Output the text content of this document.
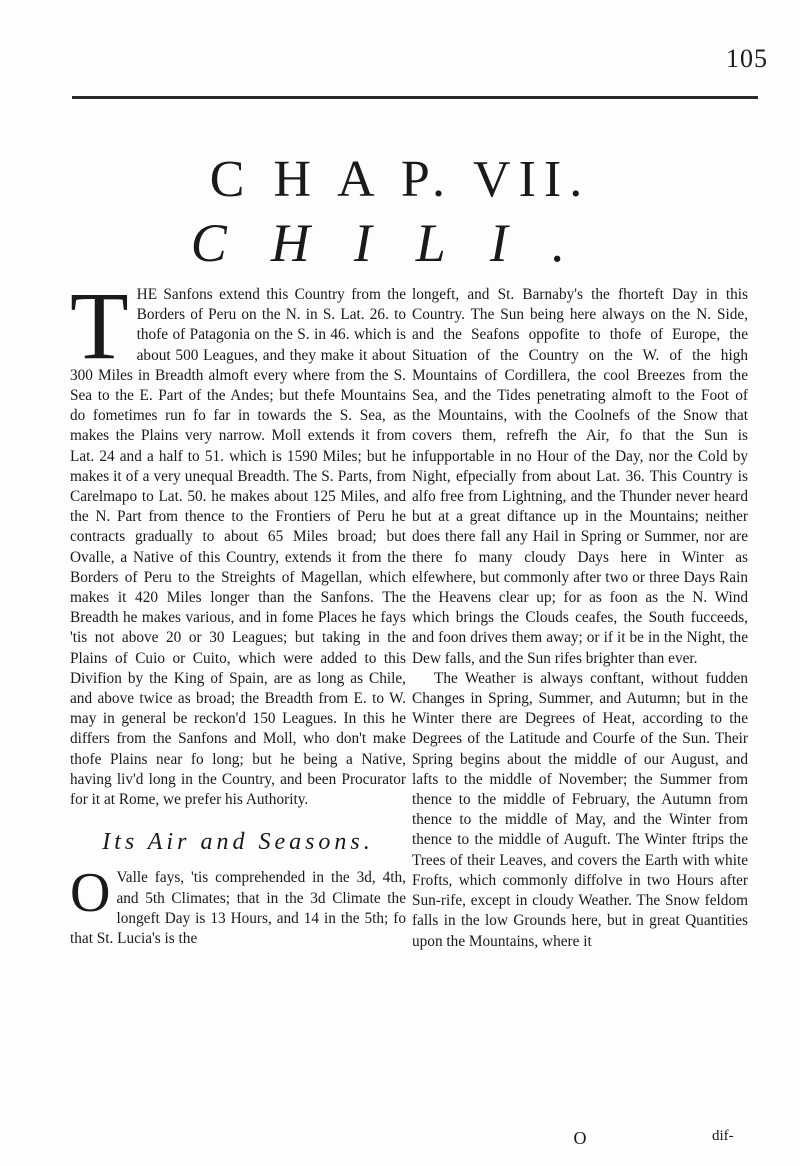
105
C H A P. VII.
CHILI.

THE Sanfons extend this Country from the Borders of Peru on the N. in S. Lat. 26. to thofe of Patagonia on the S. in 46. which is about 500 Leagues, and they make it about 300 Miles in Breadth almoft every where from the S. Sea to the E. Part of the Andes; but thefe Mountains do fometimes run fo far in towards the S. Sea, as makes the Plains very narrow. Moll extends it from Lat. 24 and a half to 51. which is 1590 Miles; but he makes it of a very unequal Breadth. The S. Parts, from Carelmapo to Lat. 50. he makes about 125 Miles, and the N. Part from thence to the Frontiers of Peru he contracts gradually to about 65 Miles broad; but Ovalle, a Native of this Country, extends it from the Borders of Peru to the Streights of Magellan, which makes it 420 Miles longer than the Sanfons. The Breadth he makes various, and in fome Places he fays 'tis not above 20 or 30 Leagues; but taking in the Plains of Cuio or Cuito, which were added to this Divifion by the King of Spain, are as long as Chile, and above twice as broad; the Breadth from E. to W. may in general be reckon'd 150 Leagues. In this he differs from the Sanfons and Moll, who don't make thofe Plains near fo long; but he being a Native, having liv'd long in the Country, and been Procurator for it at Rome, we prefer his Authority.

Its Air and Seasons.

O Valle fays, 'tis comprehended in the 3d, 4th, and 5th Climates; that in the 3d Climate the longeft Day is 13 Hours, and 14 in the 5th; fo that St. Lucia's is the

longeft, and St. Barnaby's the fhorteft Day in this Country. The Sun being here always on the N. Side, and the Seafons oppofite to thofe of Europe, the Situation of the Country on the W. of the high Mountains of Cordillera, the cool Breezes from the Sea, and the Tides penetrating almoft to the Foot of the Mountains, with the Coolnefs of the Snow that covers them, refrefh the Air, fo that the Sun is infupportable in no Hour of the Day, nor the Cold by Night, efpecially from about Lat. 36. This Country is alfo free from Lightning, and the Thunder never heard but at a great diftance up in the Mountains; neither does there fall any Hail in Spring or Summer, nor are there fo many cloudy Days here in Winter as elfewhere, but commonly after two or three Days Rain the Heavens clear up; for as foon as the N. Wind which brings the Clouds ceafes, the South fucceeds, and foon drives them away; or if it be in the Night, the Dew falls, and the Sun rifes brighter than ever.

The Weather is always conftant, without fudden Changes in Spring, Summer, and Autumn; but in the Winter there are Degrees of Heat, according to the Degrees of the Latitude and Courfe of the Sun. Their Spring begins about the middle of our August, and lafts to the middle of November; the Summer from thence to the middle of February, the Autumn from thence to the middle of May, and the Winter from thence to the middle of Auguft. The Winter ftrips the Trees of their Leaves, and covers the Earth with white Frofts, which commonly diffolve in two Hours after Sun-rife, except in cloudy Weather. The Snow feldom falls in the low Grounds here, but in great Quantities upon the Mountains, where it

O	dif-
